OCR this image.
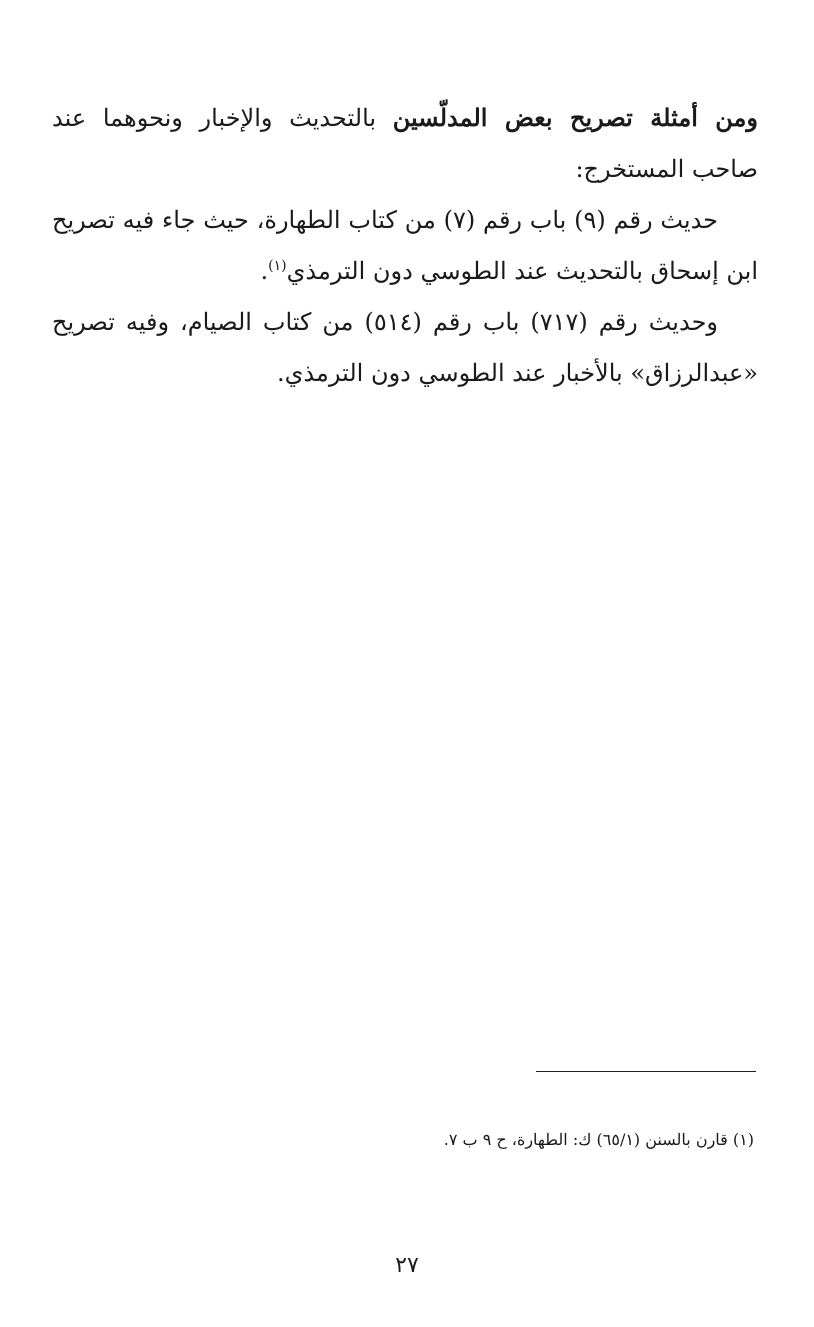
ومن أمثلة تصريح بعض المدلّسين بالتحديث والإخبار ونحوهما عند صاحب المستخرج:

حديث رقم (٩) باب رقم (٧) من كتاب الطهارة، حيث جاء فيه تصريح ابن إسحاق بالتحديث عند الطوسي دون الترمذي$^{(١)}$.

وحديث رقم (٧١٧) باب رقم (٥١٤) من كتاب الصيام، وفيه تصريح «عبدالرزاق» بالأخبار عند الطوسي دون الترمذي.

(١) قارن بالسنن (٦٥/١) ك: الطهارة، ح ٩ ب ٧.
٢٧
